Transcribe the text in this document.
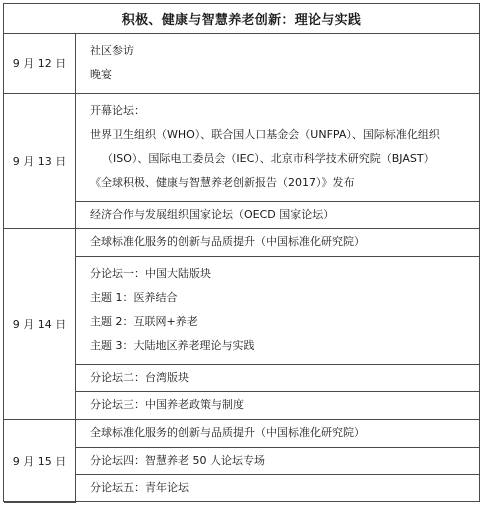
积极、健康与智慧养老创新：理论与实践
9 月 12 日	社区参访
晚宴

9 月 13 日	开幕论坛：
世界卫生组织（WHO）、联合国人口基金会（UNFPA）、国际标准化组织
（ISO）、国际电工委员会（IEC）、北京市科学技术研究院（BJAST）
《全球积极、健康与智慧养老创新报告（2017）》发布

	经济合作与发展组织国家论坛（OECD 国家论坛）

9 月 14 日	全球标准化服务的创新与品质提升（中国标准化研究院）

	分论坛一：中国大陆版块
主题 1：医养结合
主题 2：互联网+养老
主题 3：大陆地区养老理论与实践

	分论坛二：台湾版块

	分论坛三：中国养老政策与制度

9 月 15 日	全球标准化服务的创新与品质提升（中国标准化研究院）

	分论坛四：智慧养老 50 人论坛专场

	分论坛五：青年论坛
